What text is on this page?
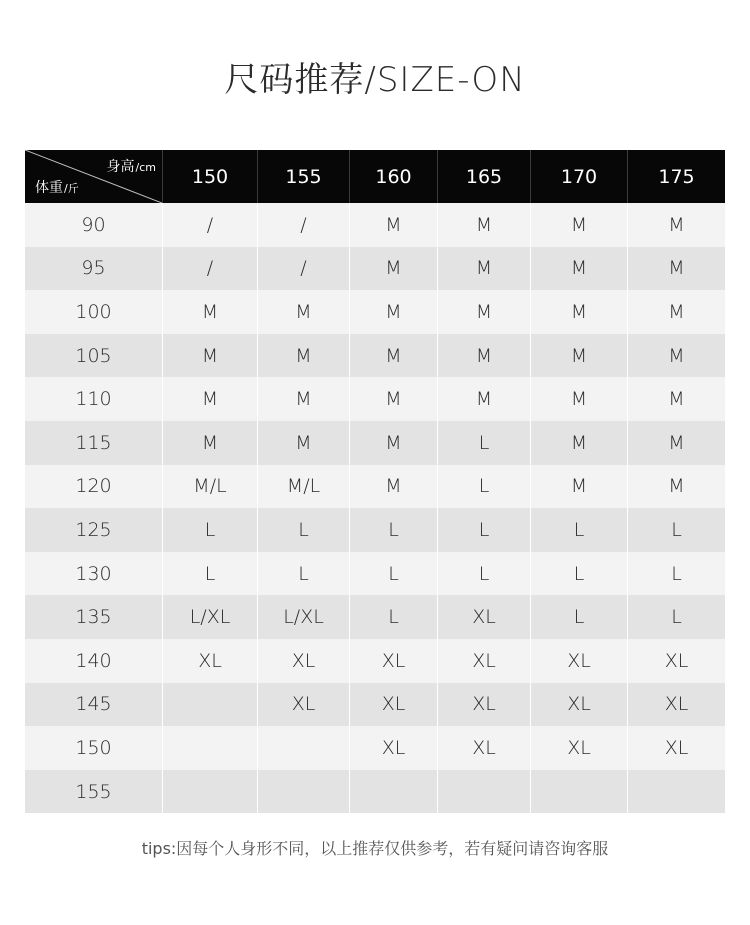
尺码推荐/SIZE-ON
身高/cm
体重/斤	150	155	160	165	170	175
90	/	/	M	M	M	M
95	/	/	M	M	M	M
100	M	M	M	M	M	M
105	M	M	M	M	M	M
110	M	M	M	M	M	M
115	M	M	M	L	M	M
120	M/L	M/L	M	L	M	M
125	L	L	L	L	L	L
130	L	L	L	L	L	L
135	L/XL	L/XL	L	XL	L	L
140	XL	XL	XL	XL	XL	XL
145		XL	XL	XL	XL	XL
150			XL	XL	XL	XL
155						
tips:因每个人身形不同，以上推荐仅供参考，若有疑问请咨询客服
